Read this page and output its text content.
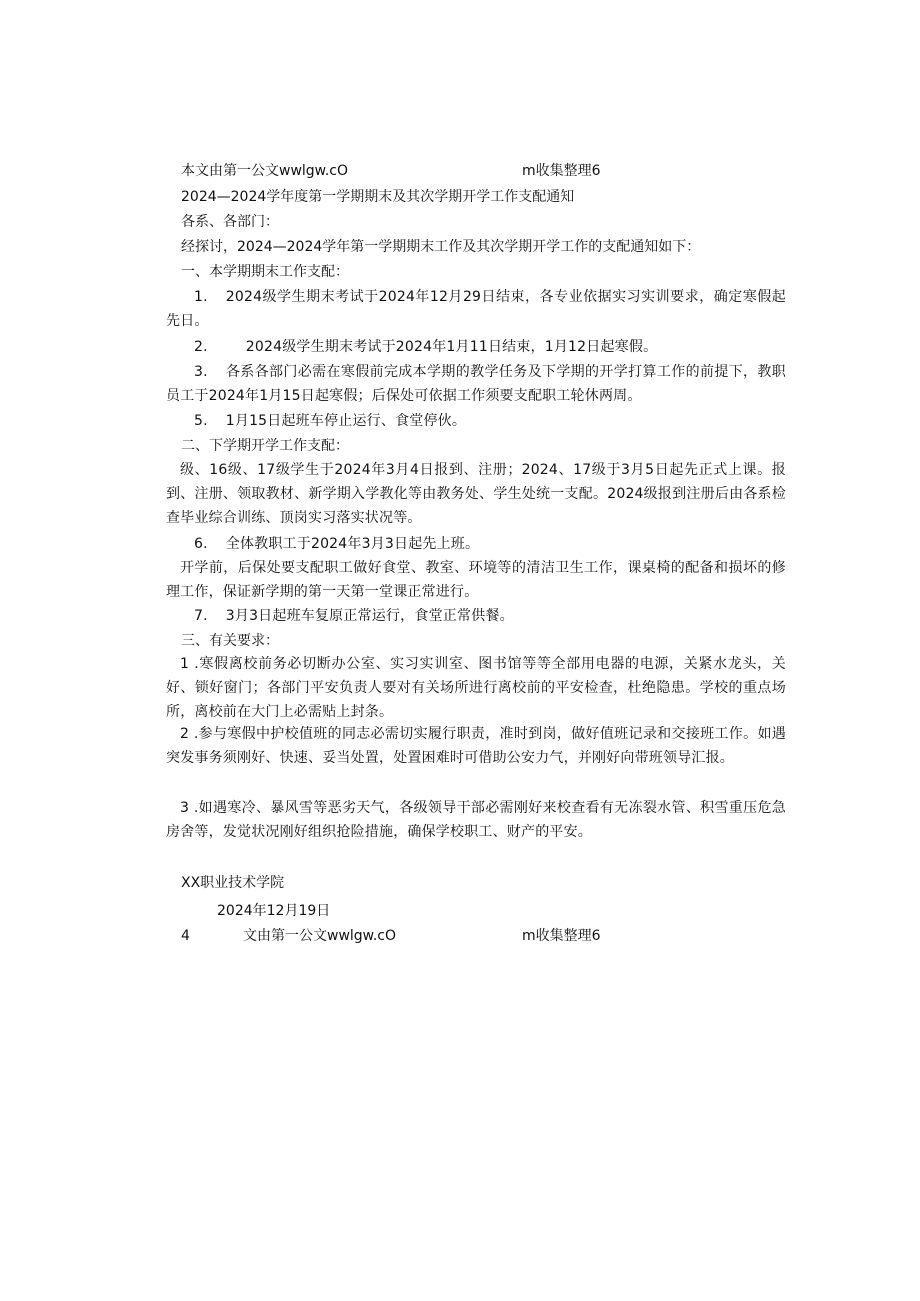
本文由第一公文wwlgw.cO	m收集整理6
2024—2024学年度第一学期期末及其次学期开学工作支配通知
各系、各部门：
经探讨，2024—2024学年第一学期期末工作及其次学期开学工作的支配通知如下：
一、本学期期末工作支配：
1. 2024级学生期末考试于2024年12月29日结束，各专业依据实习实训要求，确定寒假起先日。
2.	2024级学生期末考试于2024年1月11日结束，1月12日起寒假。
3. 各系各部门必需在寒假前完成本学期的教学任务及下学期的开学打算工作的前提下，教职员工于2024年1月15日起寒假；后保处可依据工作须要支配职工轮休两周。
5. 1月15日起班车停止运行、食堂停伙。
二、下学期开学工作支配：
级、16级、17级学生于2024年3月4日报到、注册；2024、17级于3月5日起先正式上课。报到、注册、领取教材、新学期入学教化等由教务处、学生处统一支配。2024级报到注册后由各系检查毕业综合训练、顶岗实习落实状况等。
6. 全体教职工于2024年3月3日起先上班。
开学前，后保处要支配职工做好食堂、教室、环境等的清洁卫生工作，课桌椅的配备和损坏的修理工作，保证新学期的第一天第一堂课正常进行。
7. 3月3日起班车复原正常运行，食堂正常供餐。
三、有关要求：
1 .寒假离校前务必切断办公室、实习实训室、图书馆等等全部用电器的电源，关紧水龙头，关好、锁好窗门；各部门平安负责人要对有关场所进行离校前的平安检查，杜绝隐患。学校的重点场所，离校前在大门上必需贴上封条。
2 .参与寒假中护校值班的同志必需切实履行职责，准时到岗，做好值班记录和交接班工作。如遇突发事务须刚好、快速、妥当处置，处置困难时可借助公安力气，并刚好向带班领导汇报。
3 .如遇寒冷、暴风雪等恶劣天气，各级领导干部必需刚好来校查看有无冻裂水管、积雪重压危急房舍等，发觉状况刚好组织抢险措施，确保学校职工、财产的平安。
XX职业技术学院
2024年12月19日
4	文由第一公文wwlgw.cO	m收集整理6
